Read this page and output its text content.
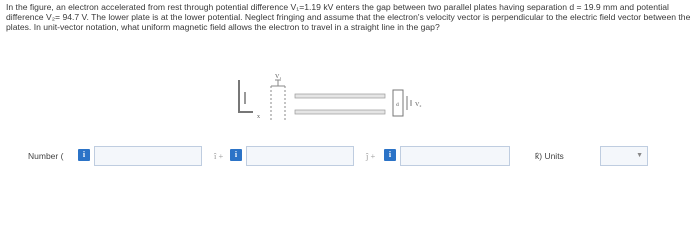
In the figure, an electron accelerated from rest through potential difference V₁=1.19 kV enters the gap between two parallel plates having separation d = 19.9 mm and potential difference V₂= 94.7 V. The lower plate is at the lower potential. Neglect fringing and assume that the electron's velocity vector is perpendicular to the electric field vector between the plates. In unit-vector notation, what uniform magnetic field allows the electron to travel in a straight line in the gap?

x
V₁
d	V₂
Number (	i	î +	i	ĵ +	i	k̂) Units	▼
